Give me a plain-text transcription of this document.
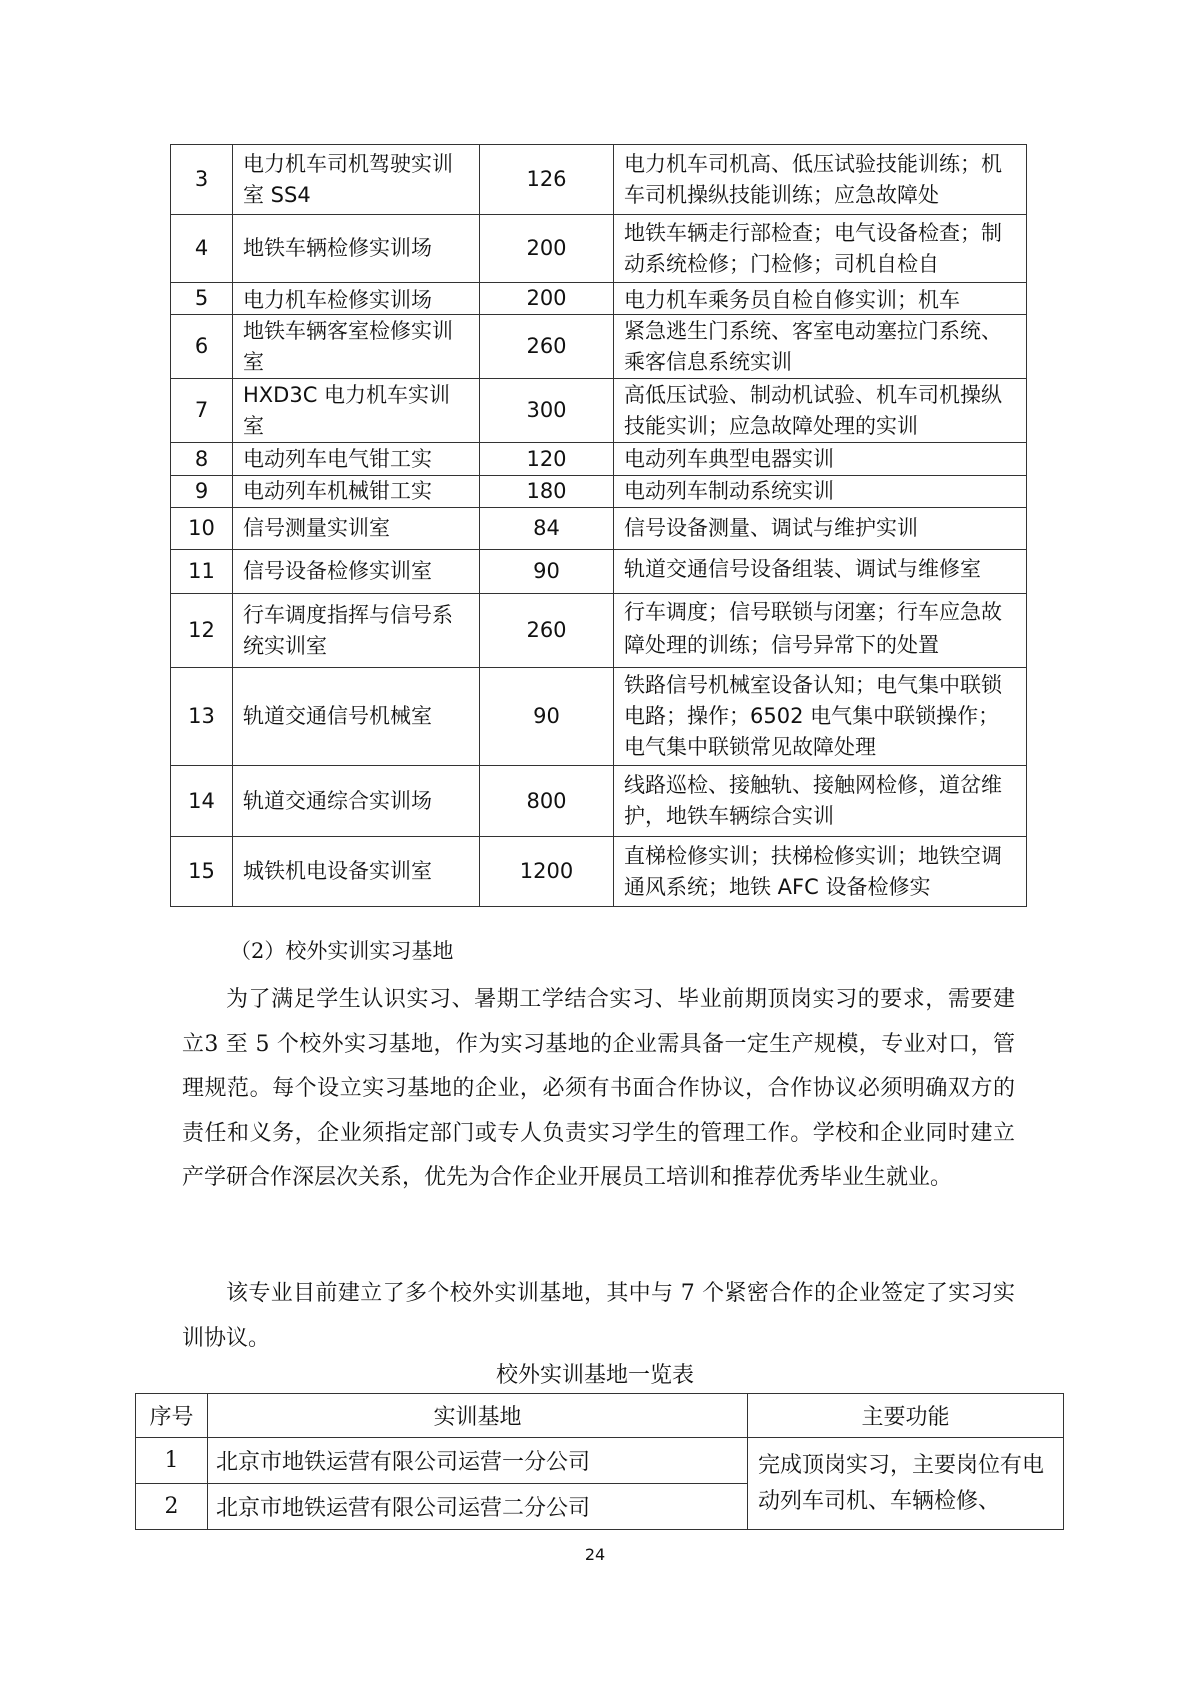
3	电力机车司机驾驶实训室 SS4	126	电力机车司机高、低压试验技能训练；机车司机操纵技能训练；应急故障处

4	地铁车辆检修实训场	200	地铁车辆走行部检查；电气设备检查；制动系统检修；门检修；司机自检自

5	电力机车检修实训场	200	电力机车乘务员自检自修实训；机车

6	地铁车辆客室检修实训室	260	紧急逃生门系统、客室电动塞拉门系统、乘客信息系统实训

7	HXD3C 电力机车实训室	300	高低压试验、制动机试验、机车司机操纵技能实训；应急故障处理的实训

8	电动列车电气钳工实	120	电动列车典型电器实训
9	电动列车机械钳工实	180	电动列车制动系统实训
10	信号测量实训室	84	信号设备测量、调试与维护实训
11	信号设备检修实训室	90	轨道交通信号设备组装、调试与维修室

12	行车调度指挥与信号系统实训室	260	行车调度；信号联锁与闭塞；行车应急故障处理的训练；信号异常下的处置

13	轨道交通信号机械室	90	铁路信号机械室设备认知；电气集中联锁电路；操作；6502 电气集中联锁操作；电气集中联锁常见故障处理
14	轨道交通综合实训场	800	线路巡检、接触轨、接触网检修，道岔维护，地铁车辆综合实训
15	城铁机电设备实训室	1200	直梯检修实训；扶梯检修实训；地铁空调通风系统；地铁 AFC 设备检修实
（2）校外实训实习基地

为了满足学生认识实习、暑期工学结合实习、毕业前期顶岗实习的要求，需要建立3 至 5 个校外实习基地，作为实习基地的企业需具备一定生产规模，专业对口，管理规范。每个设立实习基地的企业，必须有书面合作协议，合作协议必须明确双方的责任和义务，企业须指定部门或专人负责实习学生的管理工作。学校和企业同时建立产学研合作深层次关系，优先为合作企业开展员工培训和推荐优秀毕业生就业。

该专业目前建立了多个校外实训基地，其中与 7 个紧密合作的企业签定了实习实训协议。

校外实训基地一览表
序号	实训基地	主要功能
1	北京市地铁运营有限公司运营一分公司	完成顶岗实习，主要岗位有电动列车司机、车辆检修、
2	北京市地铁运营有限公司运营二分公司	
24
